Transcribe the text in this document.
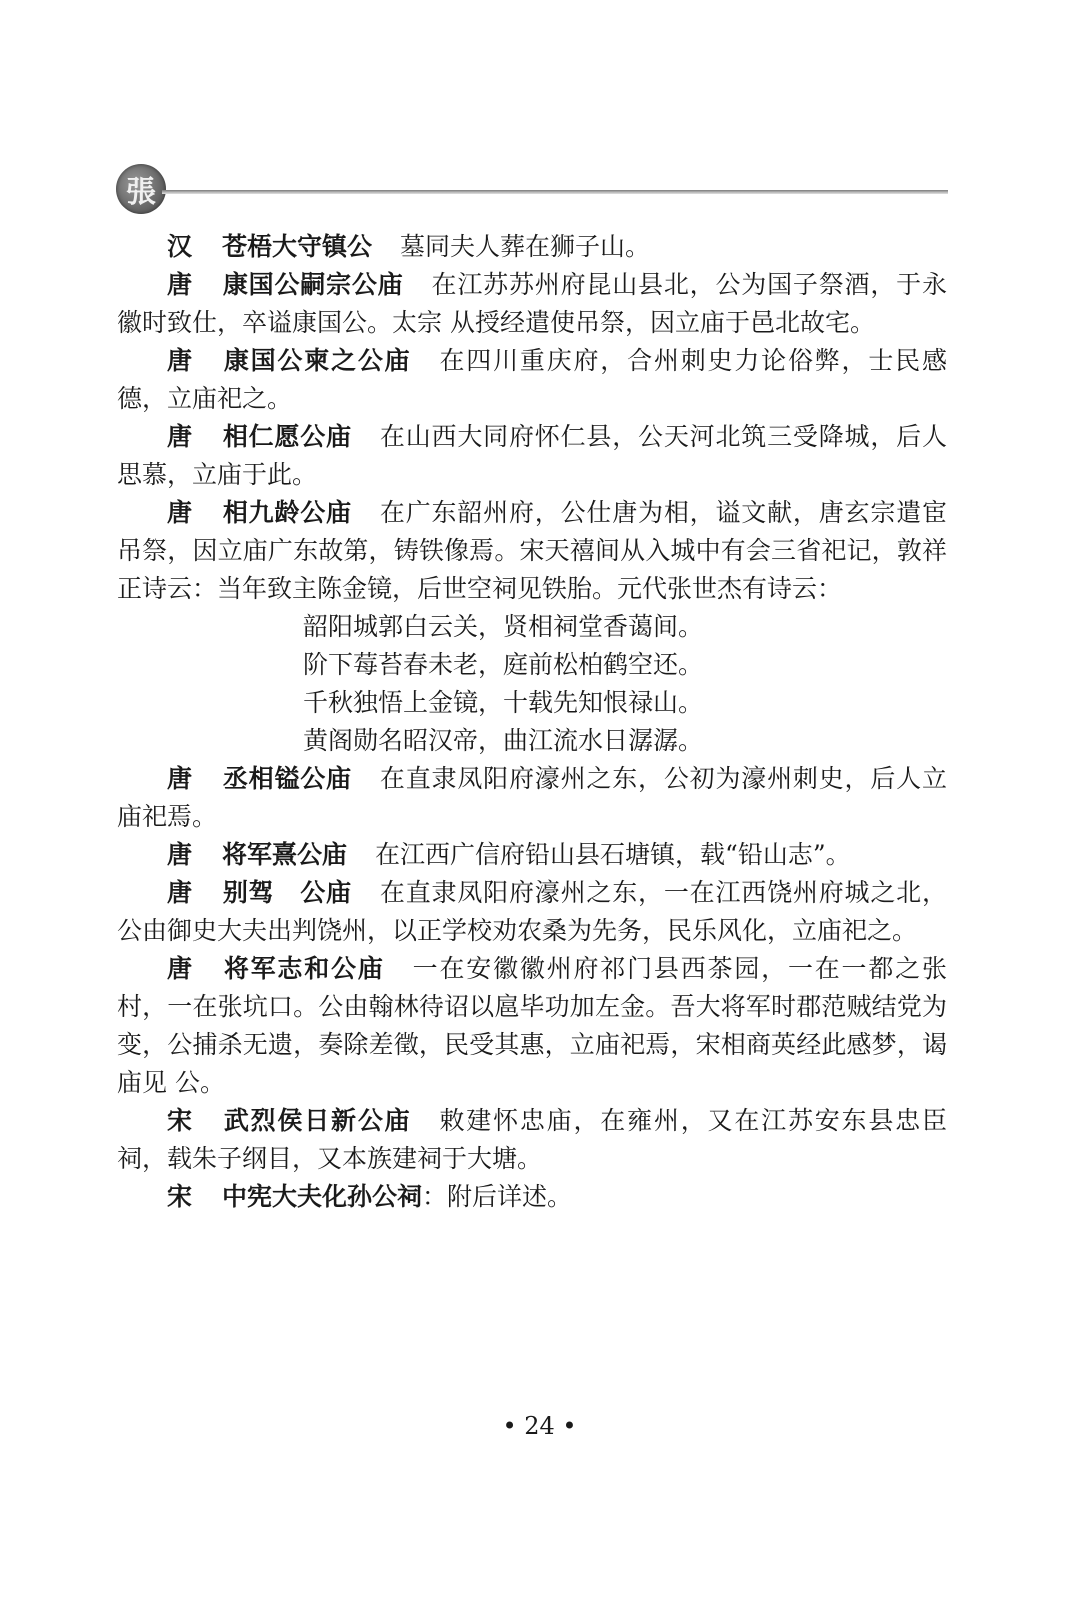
張

汉 苍梧大守镇公 墓同夫人葬在狮子山。

唐 康国公嗣宗公庙 在江苏苏州府昆山县北，公为国子祭酒，于永徽时致仕，卒谥康国公。太宗 从授经遣使吊祭，因立庙于邑北故宅。

唐 康国公柬之公庙 在四川重庆府，合州刺史力论俗弊，士民感德，立庙祀之。

唐 相仁愿公庙 在山西大同府怀仁县，公天河北筑三受降城，后人思慕，立庙于此。

唐 相九龄公庙 在广东韶州府，公仕唐为相，谥文献，唐玄宗遣宦吊祭，因立庙广东故第，铸铁像焉。宋天禧间从入城中有会三省祀记，敦祥正诗云：当年致主陈金镜，后世空祠见铁胎。元代张世杰有诗云：

韶阳城郭白云关，贤相祠堂香蔼间。
阶下莓苔春未老，庭前松柏鹤空还。
千秋独悟上金镜，十载先知恨禄山。
黄阁勋名昭汉帝，曲江流水日潺潺。

唐 丞相镒公庙 在直隶凤阳府濠州之东，公初为濠州刺史，后人立庙祀焉。

唐 将军熹公庙 在江西广信府铅山县石塘镇，载“铅山志”。

唐 别驾　公庙 在直隶凤阳府濠州之东，一在江西饶州府城之北，公由御史大夫出判饶州，以正学校劝农桑为先务，民乐风化，立庙祀之。

唐 将军志和公庙 一在安徽徽州府祁门县西茶园，一在一都之张村，一在张坑口。公由翰林待诏以扈毕功加左金。吾大将军时郡范贼结党为变，公捕杀无遗，奏除差徵，民受其惠，立庙祀焉，宋相商英经此感梦，谒庙见 公。

宋 武烈侯日新公庙 敕建怀忠庙，在雍州，又在江苏安东县忠臣祠，载朱子纲目，又本族建祠于大塘。

宋 中宪大夫化孙公祠：附后详述。

• 24 •
